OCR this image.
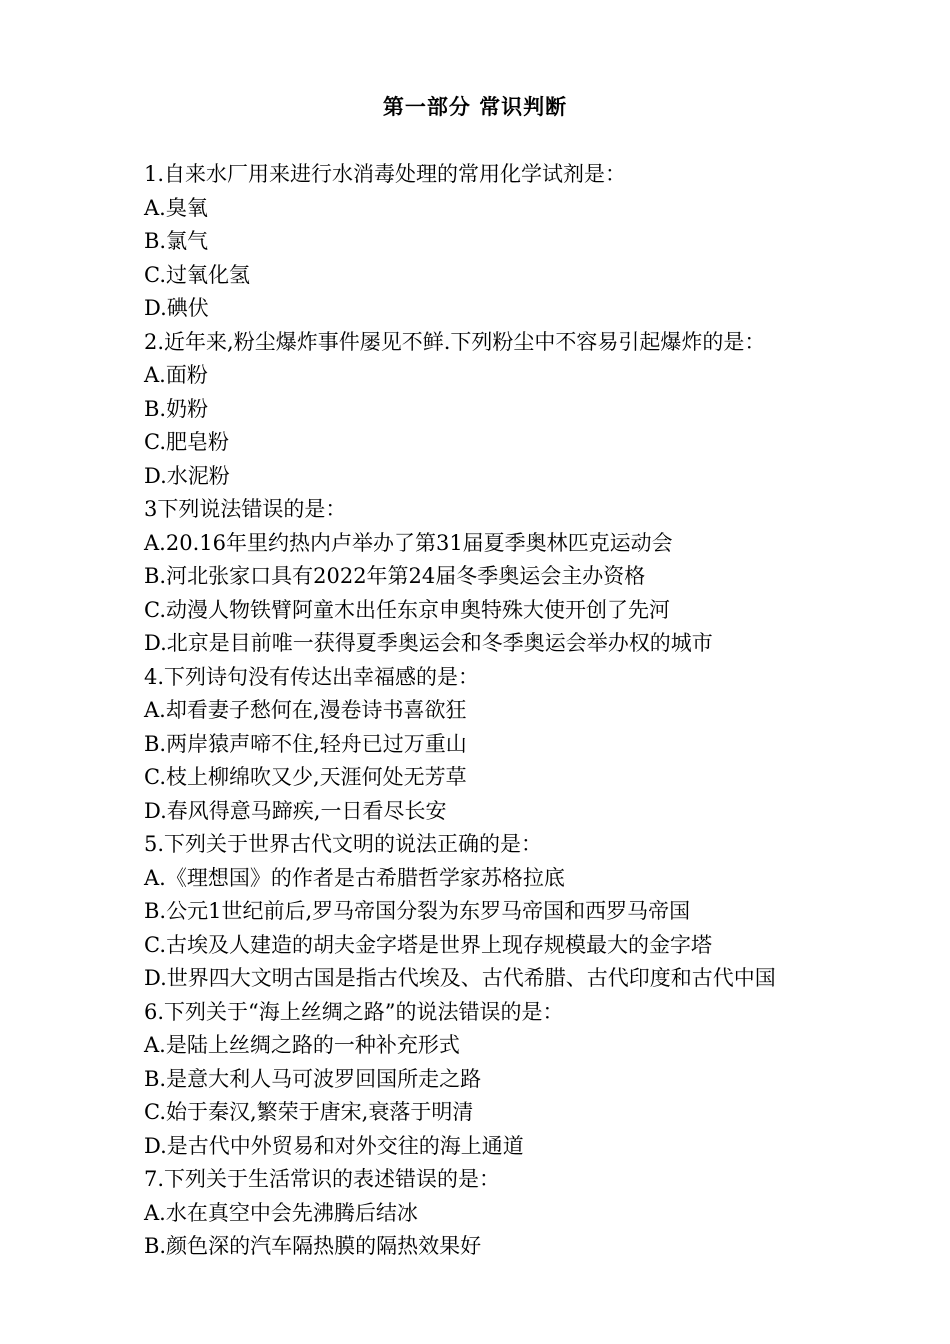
第一部分 常识判断
1.自来水厂用来进行水消毒处理的常用化学试剂是：
A.臭氧
B.氯气
C.过氧化氢
D.碘伏
2.近年来,粉尘爆炸事件屡见不鲜.下列粉尘中不容易引起爆炸的是：
A.面粉
B.奶粉
C.肥皂粉
D.水泥粉
3下列说法错误的是：
A.20.16年里约热内卢举办了第31届夏季奥林匹克运动会
B.河北张家口具有2022年第24届冬季奥运会主办资格
C.动漫人物铁臂阿童木出任东京申奥特殊大使开创了先河
D.北京是目前唯一获得夏季奥运会和冬季奥运会举办权的城市
4.下列诗句没有传达出幸福感的是：
A.却看妻子愁何在,漫卷诗书喜欲狂
B.两岸猿声啼不住,轻舟已过万重山
C.枝上柳绵吹又少,天涯何处无芳草
D.春风得意马蹄疾,一日看尽长安
5.下列关于世界古代文明的说法正确的是：
A.《理想国》的作者是古希腊哲学家苏格拉底
B.公元1世纪前后,罗马帝国分裂为东罗马帝国和西罗马帝国
C.古埃及人建造的胡夫金字塔是世界上现存规模最大的金字塔
D.世界四大文明古国是指古代埃及、古代希腊、古代印度和古代中国
6.下列关于“海上丝绸之路”的说法错误的是：
A.是陆上丝绸之路的一种补充形式
B.是意大利人马可波罗回国所走之路
C.始于秦汉,繁荣于唐宋,衰落于明清
D.是古代中外贸易和对外交往的海上通道
7.下列关于生活常识的表述错误的是：
A.水在真空中会先沸腾后结冰
B.颜色深的汽车隔热膜的隔热效果好
